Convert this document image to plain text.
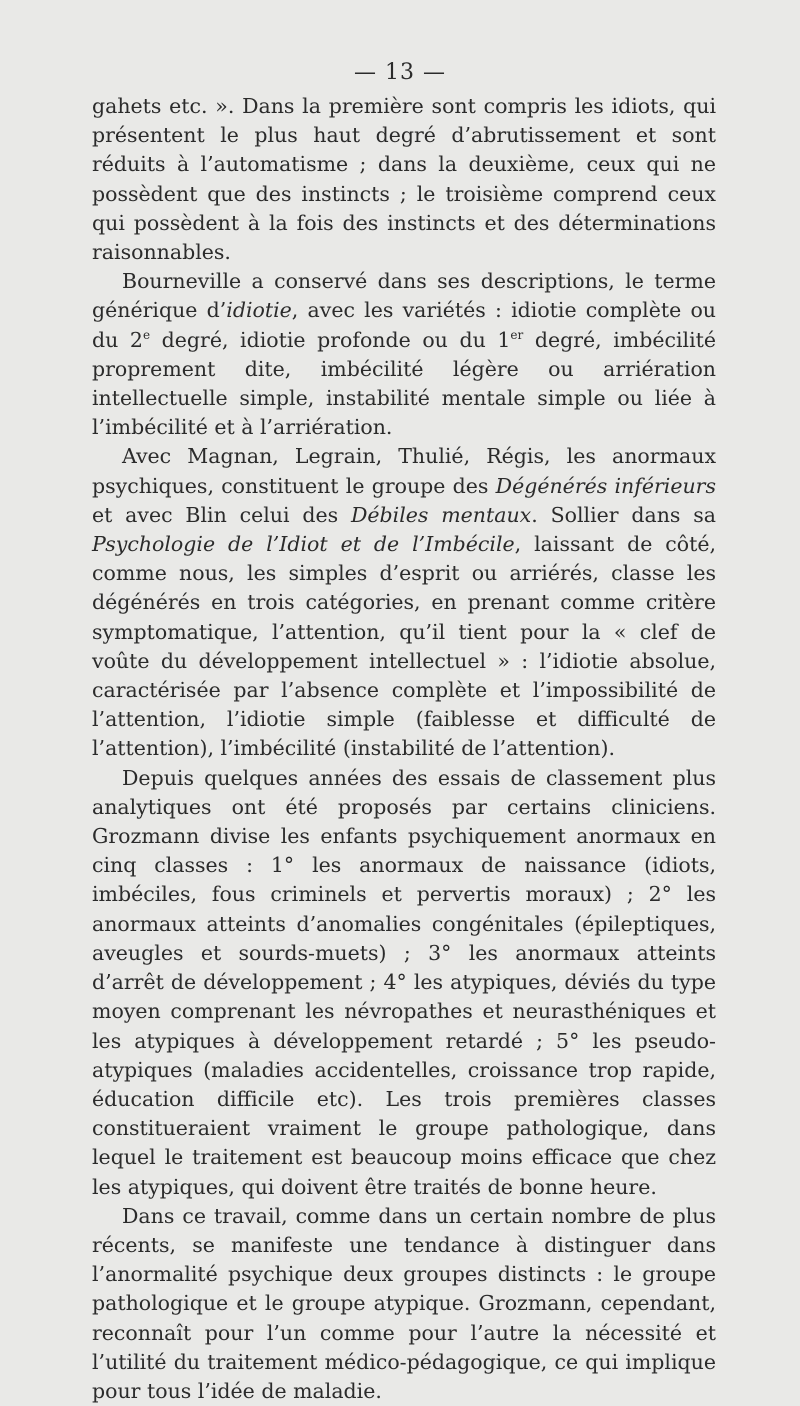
— 13 —

gahets etc. ». Dans la première sont compris les idiots, qui présentent le plus haut degré d’abrutissement et sont réduits à l’automatisme ; dans la deuxième, ceux qui ne possèdent que des instincts ; le troisième comprend ceux qui possèdent à la fois des instincts et des déterminations raisonnables.

Bourneville a conservé dans ses descriptions, le terme générique d’idiotie, avec les variétés : idiotie complète ou du 2e degré, idiotie profonde ou du 1er degré, imbécilité proprement dite, imbécilité légère ou arriération intellectuelle simple, instabilité mentale simple ou liée à l’imbécilité et à l’arriération.

Avec Magnan, Legrain, Thulié, Régis, les anormaux psychiques, constituent le groupe des Dégénérés inférieurs et avec Blin celui des Débiles mentaux. Sollier dans sa Psychologie de l’Idiot et de l’Imbécile, laissant de côté, comme nous, les simples d’esprit ou arriérés, classe les dégénérés en trois catégories, en prenant comme critère symptomatique, l’attention, qu’il tient pour la « clef de voûte du développement intellectuel » : l’idiotie absolue, caractérisée par l’absence complète et l’impossibilité de l’attention, l’idiotie simple (faiblesse et difficulté de l’attention), l’imbécilité (instabilité de l’attention).

Depuis quelques années des essais de classement plus analytiques ont été proposés par certains cliniciens. Grozmann divise les enfants psychiquement anormaux en cinq classes : 1° les anormaux de naissance (idiots, imbéciles, fous criminels et pervertis moraux) ; 2° les anormaux atteints d’anomalies congénitales (épileptiques, aveugles et sourds-muets) ; 3° les anormaux atteints d’arrêt de développement ; 4° les atypiques, déviés du type moyen comprenant les névropathes et neurasthéniques et les atypiques à développement retardé ; 5° les pseudo-atypiques (maladies accidentelles, croissance trop rapide, éducation difficile etc). Les trois premières classes constitueraient vraiment le groupe pathologique, dans lequel le traitement est beaucoup moins efficace que chez les atypiques, qui doivent être traités de bonne heure.

Dans ce travail, comme dans un certain nombre de plus récents, se manifeste une tendance à distinguer dans l’anormalité psychique deux groupes distincts : le groupe pathologique et le groupe atypique. Grozmann, cependant, reconnaît pour l’un comme pour l’autre la nécessité et l’utilité du traitement médico-pédagogique, ce qui implique pour tous l’idée de maladie.
